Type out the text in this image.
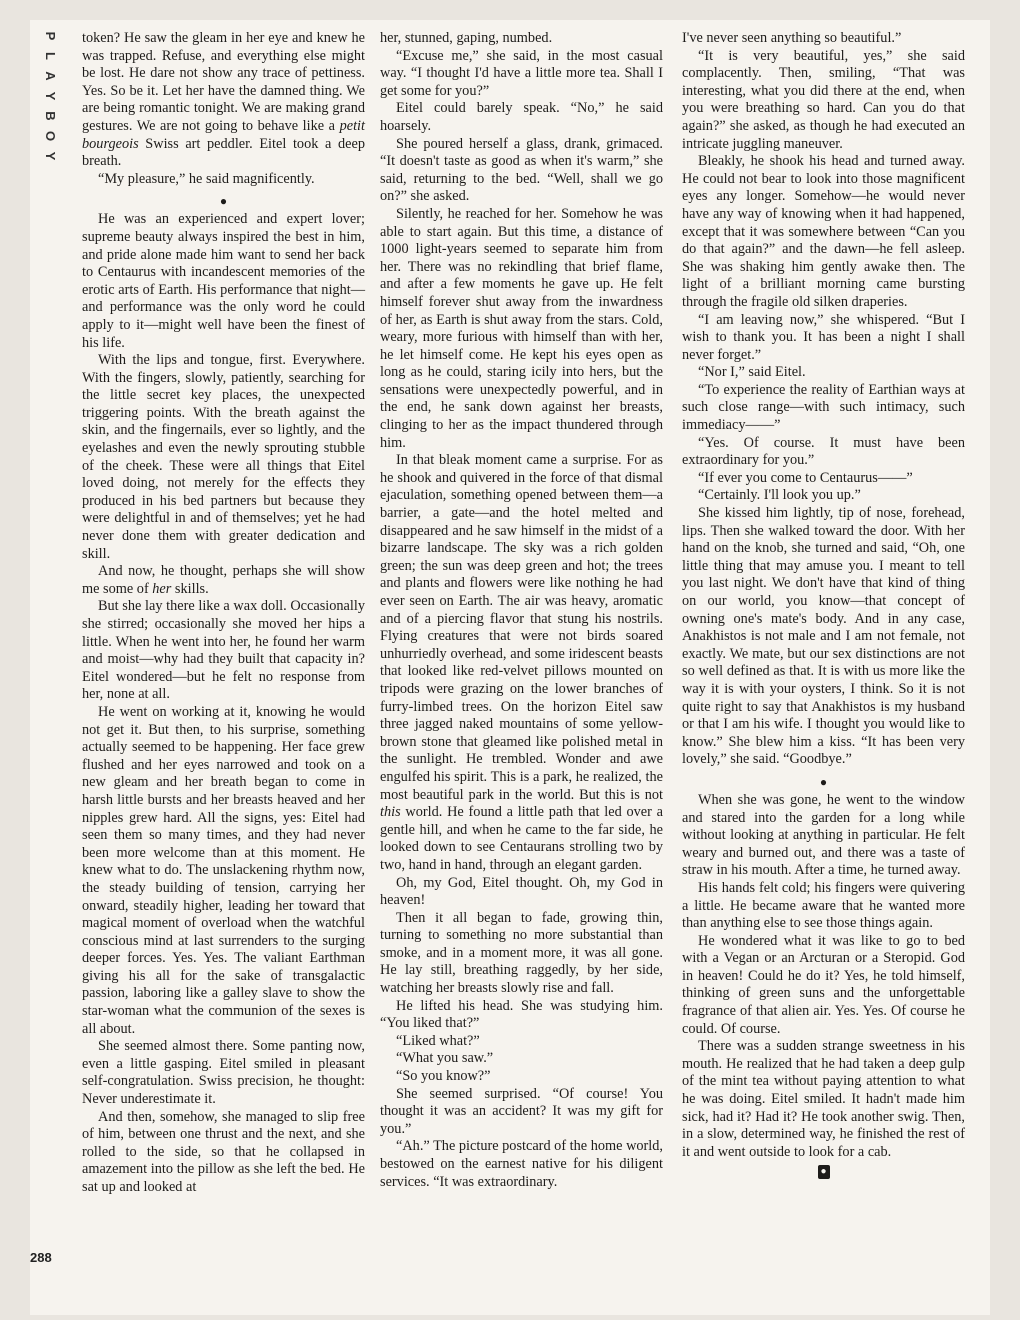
P
L
A
Y
B
O
Y
288

token? He saw the gleam in her eye and knew he was trapped. Refuse, and everything else might be lost. He dare not show any trace of pettiness. Yes. So be it. Let her have the damned thing. We are being romantic tonight. We are making grand gestures. We are not going to behave like a petit bourgeois Swiss art peddler. Eitel took a deep breath.

“My pleasure,” he said magnificently.

●

He was an experienced and expert lover; supreme beauty always inspired the best in him, and pride alone made him want to send her back to Centaurus with incandescent memories of the erotic arts of Earth. His performance that night—and performance was the only word he could apply to it—might well have been the finest of his life.

With the lips and tongue, first. Everywhere. With the fingers, slowly, patiently, searching for the little secret key places, the unexpected triggering points. With the breath against the skin, and the fingernails, ever so lightly, and the eyelashes and even the newly sprouting stubble of the cheek. These were all things that Eitel loved doing, not merely for the effects they produced in his bed partners but because they were delightful in and of themselves; yet he had never done them with greater dedication and skill.

And now, he thought, perhaps she will show me some of her skills.

But she lay there like a wax doll. Occasionally she stirred; occasionally she moved her hips a little. When he went into her, he found her warm and moist—why had they built that capacity in? Eitel wondered—but he felt no response from her, none at all.

He went on working at it, knowing he would not get it. But then, to his surprise, something actually seemed to be happening. Her face grew flushed and her eyes narrowed and took on a new gleam and her breath began to come in harsh little bursts and her breasts heaved and her nipples grew hard. All the signs, yes: Eitel had seen them so many times, and they had never been more welcome than at this moment. He knew what to do. The unslackening rhythm now, the steady building of tension, carrying her onward, steadily higher, leading her toward that magical moment of overload when the watchful conscious mind at last surrenders to the surging deeper forces. Yes. Yes. The valiant Earthman giving his all for the sake of transgalactic passion, laboring like a galley slave to show the star-woman what the communion of the sexes is all about.

She seemed almost there. Some panting now, even a little gasping. Eitel smiled in pleasant self-congratulation. Swiss precision, he thought: Never underestimate it.

And then, somehow, she managed to slip free of him, between one thrust and the next, and she rolled to the side, so that he collapsed in amazement into the pillow as she left the bed. He sat up and looked at

her, stunned, gaping, numbed.

“Excuse me,” she said, in the most casual way. “I thought I'd have a little more tea. Shall I get some for you?”

Eitel could barely speak. “No,” he said hoarsely.

She poured herself a glass, drank, grimaced. “It doesn't taste as good as when it's warm,” she said, returning to the bed. “Well, shall we go on?” she asked.

Silently, he reached for her. Somehow he was able to start again. But this time, a distance of 1000 light-years seemed to separate him from her. There was no rekindling that brief flame, and after a few moments he gave up. He felt himself forever shut away from the inwardness of her, as Earth is shut away from the stars. Cold, weary, more furious with himself than with her, he let himself come. He kept his eyes open as long as he could, staring icily into hers, but the sensations were unexpectedly powerful, and in the end, he sank down against her breasts, clinging to her as the impact thundered through him.

In that bleak moment came a surprise. For as he shook and quivered in the force of that dismal ejaculation, something opened between them—a barrier, a gate—and the hotel melted and disappeared and he saw himself in the midst of a bizarre landscape. The sky was a rich golden green; the sun was deep green and hot; the trees and plants and flowers were like nothing he had ever seen on Earth. The air was heavy, aromatic and of a piercing flavor that stung his nostrils. Flying creatures that were not birds soared unhurriedly overhead, and some iridescent beasts that looked like red-velvet pillows mounted on tripods were grazing on the lower branches of furry-limbed trees. On the horizon Eitel saw three jagged naked mountains of some yellow-brown stone that gleamed like polished metal in the sunlight. He trembled. Wonder and awe engulfed his spirit. This is a park, he realized, the most beautiful park in the world. But this is not this world. He found a little path that led over a gentle hill, and when he came to the far side, he looked down to see Centaurans strolling two by two, hand in hand, through an elegant garden.

Oh, my God, Eitel thought. Oh, my God in heaven!

Then it all began to fade, growing thin, turning to something no more substantial than smoke, and in a moment more, it was all gone. He lay still, breathing raggedly, by her side, watching her breasts slowly rise and fall.

He lifted his head. She was studying him. “You liked that?”

“Liked what?”

“What you saw.”

“So you know?”

She seemed surprised. “Of course! You thought it was an accident? It was my gift for you.”

“Ah.” The picture postcard of the home world, bestowed on the earnest native for his diligent services. “It was extraordinary.

I've never seen anything so beautiful.”

“It is very beautiful, yes,” she said complacently. Then, smiling, “That was interesting, what you did there at the end, when you were breathing so hard. Can you do that again?” she asked, as though he had executed an intricate juggling maneuver.

Bleakly, he shook his head and turned away. He could not bear to look into those magnificent eyes any longer. Somehow—he would never have any way of knowing when it had happened, except that it was somewhere between “Can you do that again?” and the dawn—he fell asleep. She was shaking him gently awake then. The light of a brilliant morning came bursting through the fragile old silken draperies.

“I am leaving now,” she whispered. “But I wish to thank you. It has been a night I shall never forget.”

“Nor I,” said Eitel.

“To experience the reality of Earthian ways at such close range—with such intimacy, such immediacy——”

“Yes. Of course. It must have been extraordinary for you.”

“If ever you come to Centaurus——”

“Certainly. I'll look you up.”

She kissed him lightly, tip of nose, forehead, lips. Then she walked toward the door. With her hand on the knob, she turned and said, “Oh, one little thing that may amuse you. I meant to tell you last night. We don't have that kind of thing on our world, you know—that concept of owning one's mate's body. And in any case, Anakhistos is not male and I am not female, not exactly. We mate, but our sex distinctions are not so well defined as that. It is with us more like the way it is with your oysters, I think. So it is not quite right to say that Anakhistos is my husband or that I am his wife. I thought you would like to know.” She blew him a kiss. “It has been very lovely,” she said. “Goodbye.”

●

When she was gone, he went to the window and stared into the garden for a long while without looking at anything in particular. He felt weary and burned out, and there was a taste of straw in his mouth. After a time, he turned away.

His hands felt cold; his fingers were quivering a little. He became aware that he wanted more than anything else to see those things again.

He wondered what it was like to go to bed with a Vegan or an Arcturan or a Steropid. God in heaven! Could he do it? Yes, he told himself, thinking of green suns and the unforgettable fragrance of that alien air. Yes. Yes. Of course he could. Of course.

There was a sudden strange sweetness in his mouth. He realized that he had taken a deep gulp of the mint tea without paying attention to what he was doing. Eitel smiled. It hadn't made him sick, had it? Had it? He took another swig. Then, in a slow, determined way, he finished the rest of it and went outside to look for a cab.

●
